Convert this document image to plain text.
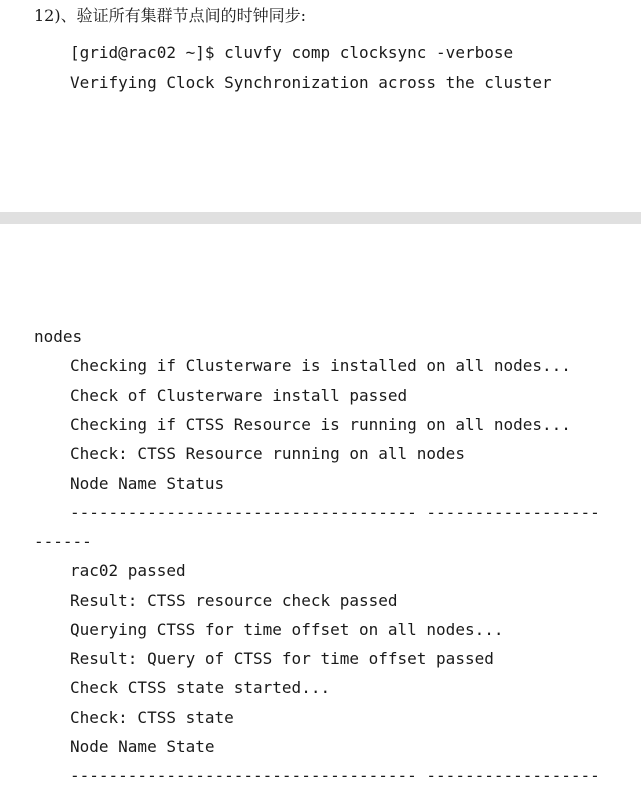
12)、验证所有集群节点间的时钟同步:
[grid@rac02 ~]$ cluvfy comp clocksync -verbose
Verifying Clock Synchronization across the cluster
nodes
Checking if Clusterware is installed on all nodes...
Check of Clusterware install passed
Checking if CTSS Resource is running on all nodes...
Check: CTSS Resource running on all nodes
Node Name Status
------------------------------------ ------------------
------
rac02 passed
Result: CTSS resource check passed
Querying CTSS for time offset on all nodes...
Result: Query of CTSS for time offset passed
Check CTSS state started...
Check: CTSS state
Node Name State
------------------------------------ ------------------
